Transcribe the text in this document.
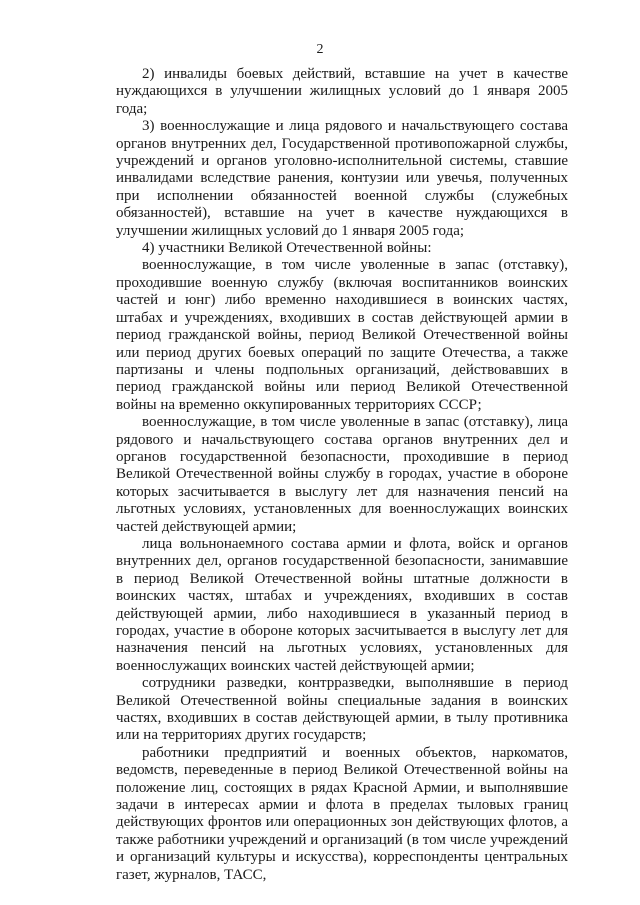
2

2) инвалиды боевых действий, вставшие на учет в качестве нуждающихся в улучшении жилищных условий до 1 января 2005 года;

3) военнослужащие и лица рядового и начальствующего состава органов внутренних дел, Государственной противопожарной службы, учреждений и органов уголовно-исполнительной системы, ставшие инвалидами вследствие ранения, контузии или увечья, полученных при исполнении обязанностей военной службы (служебных обязанностей), вставшие на учет в качестве нуждающихся в улучшении жилищных условий до 1 января 2005 года;

4) участники Великой Отечественной войны:

военнослужащие, в том числе уволенные в запас (отставку), проходившие военную службу (включая воспитанников воинских частей и юнг) либо временно находившиеся в воинских частях, штабах и учреждениях, входивших в состав действующей армии в период гражданской войны, период Великой Отечественной войны или период других боевых операций по защите Отечества, а также партизаны и члены подпольных организаций, действовавших в период гражданской войны или период Великой Отечественной войны на временно оккупированных территориях СССР;

военнослужащие, в том числе уволенные в запас (отставку), лица рядового и начальствующего состава органов внутренних дел и органов государственной безопасности, проходившие в период Великой Отечественной войны службу в городах, участие в обороне которых засчитывается в выслугу лет для назначения пенсий на льготных условиях, установленных для военнослужащих воинских частей действующей армии;

лица вольнонаемного состава армии и флота, войск и органов внутренних дел, органов государственной безопасности, занимавшие в период Великой Отечественной войны штатные должности в воинских частях, штабах и учреждениях, входивших в состав действующей армии, либо находившиеся в указанный период в городах, участие в обороне которых засчитывается в выслугу лет для назначения пенсий на льготных условиях, установленных для военнослужащих воинских частей действующей армии;

сотрудники разведки, контрразведки, выполнявшие в период Великой Отечественной войны специальные задания в воинских частях, входивших в состав действующей армии, в тылу противника или на территориях других государств;

работники предприятий и военных объектов, наркоматов, ведомств, переведенные в период Великой Отечественной войны на положение лиц, состоящих в рядах Красной Армии, и выполнявшие задачи в интересах армии и флота в пределах тыловых границ действующих фронтов или операционных зон действующих флотов, а также работники учреждений и организаций (в том числе учреждений и организаций культуры и искусства), корреспонденты центральных газет, журналов, ТАСС,
